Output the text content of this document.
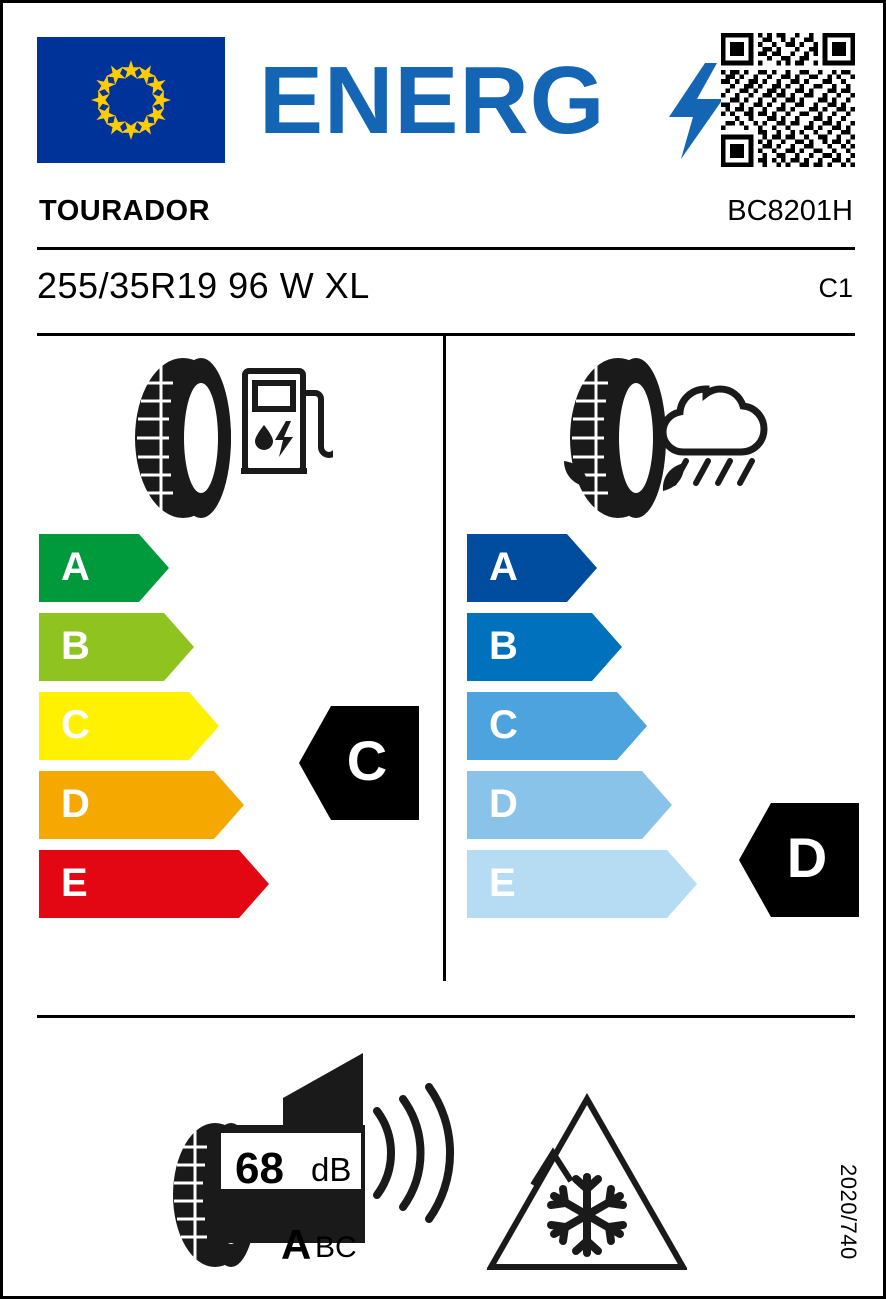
ENERG
TOURADOR	BC8201H
255/35R19 96 W XL	C1
A
B
C
D
E
A
B
C
D
E
C
D
68 dB
A BC	2020/740
